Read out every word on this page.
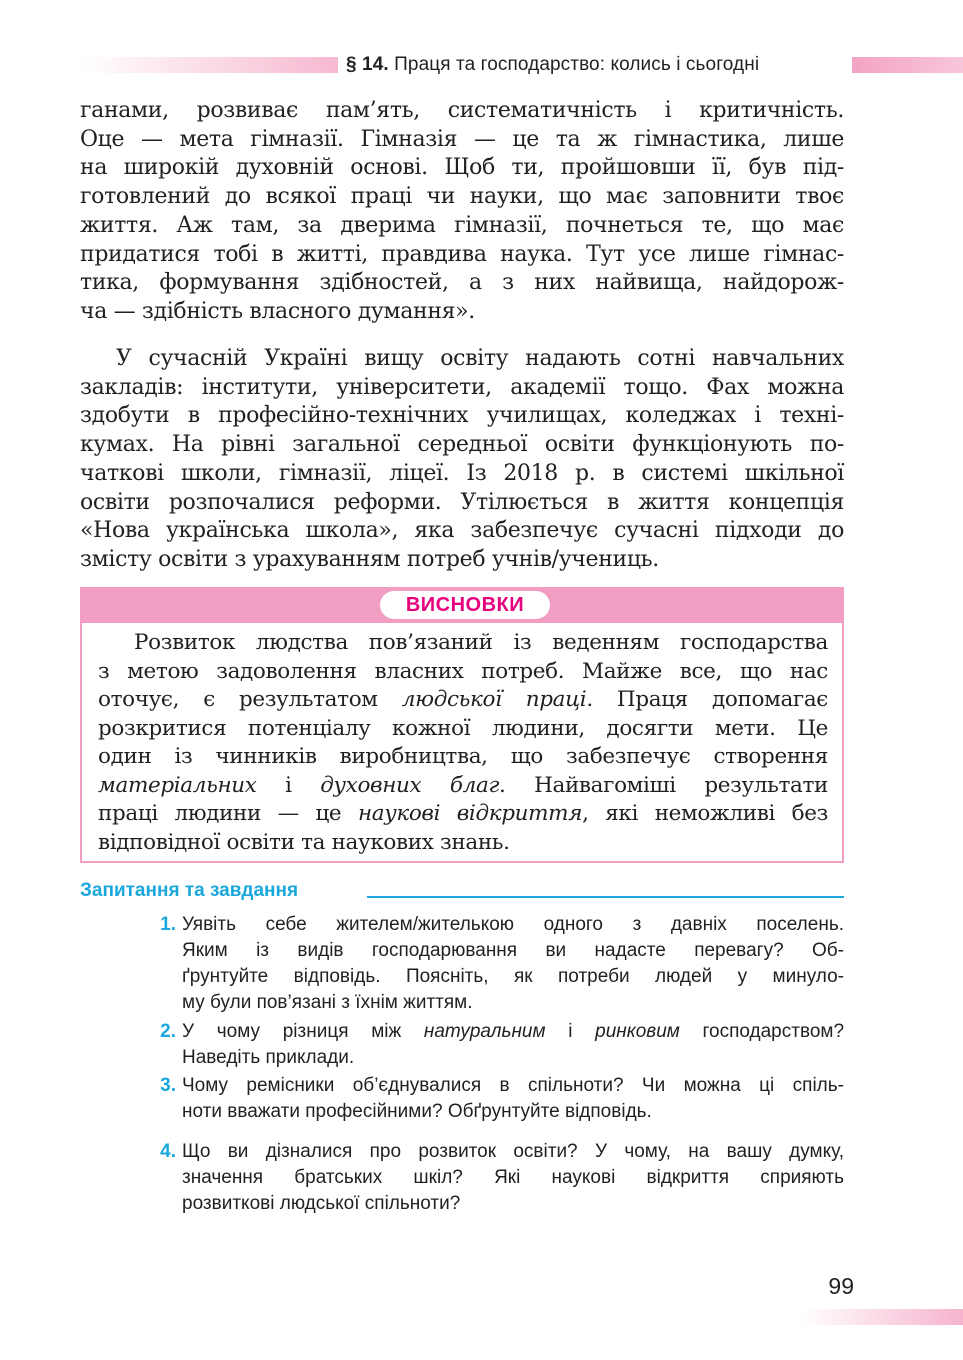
§ 14. Праця та господарство: колись і сьогодні
ганами, розвиває пам’ять, систематичність і критичність.
Оце — мета гімназії. Гімназія — це та ж гімнастика, лише
на широкій духовній основі. Щоб ти, пройшовши її, був під-
готовлений до всякої праці чи науки, що має заповнити твоє
життя. Аж там, за дверима гімназії, почнеться те, що має
придатися тобі в житті, правдива наука. Тут усе лише гімнас-
тика, формування здібностей, а з них найвища, найдорож-
ча — здібність власного думання».
У сучасній Україні вищу освіту надають сотні навчальних
закладів: інститути, університети, академії тощо. Фах можна
здобути в професійно-технічних училищах, коледжах і техні-
кумах. На рівні загальної середньої освіти функціонують по-
чаткові школи, гімназії, ліцеї. Із 2018 р. в системі шкільної
освіти розпочалися реформи. Утілюється в життя концепція
«Нова українська школа», яка забезпечує сучасні підходи до
змісту освіти з урахуванням потреб учнів/учениць.
ВИСНОВКИ
Розвиток людства пов’язаний із веденням господарства
з метою задоволення власних потреб. Майже все, що нас
оточує, є результатом людської праці. Праця допомагає
розкритися потенціалу кожної людини, досягти мети. Це
один із чинників виробництва, що забезпечує створення
матеріальних і духовних благ. Найвагоміші результати
праці людини — це наукові відкриття, які неможливі без
відповідної освіти та наукових знань.
Запитання та завдання
1. Уявіть себе жителем/жителькою одного з давніх поселень.
Яким із видів господарювання ви надасте перевагу? Об-
ґрунтуйте відповідь. Поясніть, як потреби людей у минуло-
му були пов’язані з їхнім життям.
2. У чому різниця між натуральним і ринковим господарством?
Наведіть приклади.
3. Чому ремісники об’єднувалися в спільноти? Чи можна ці спіль-
ноти вважати професійними? Обґрунтуйте відповідь.
4. Що ви дізналися про розвиток освіти? У чому, на вашу думку,
значення братських шкіл? Які наукові відкриття сприяють
розвиткові людської спільноти?
99
